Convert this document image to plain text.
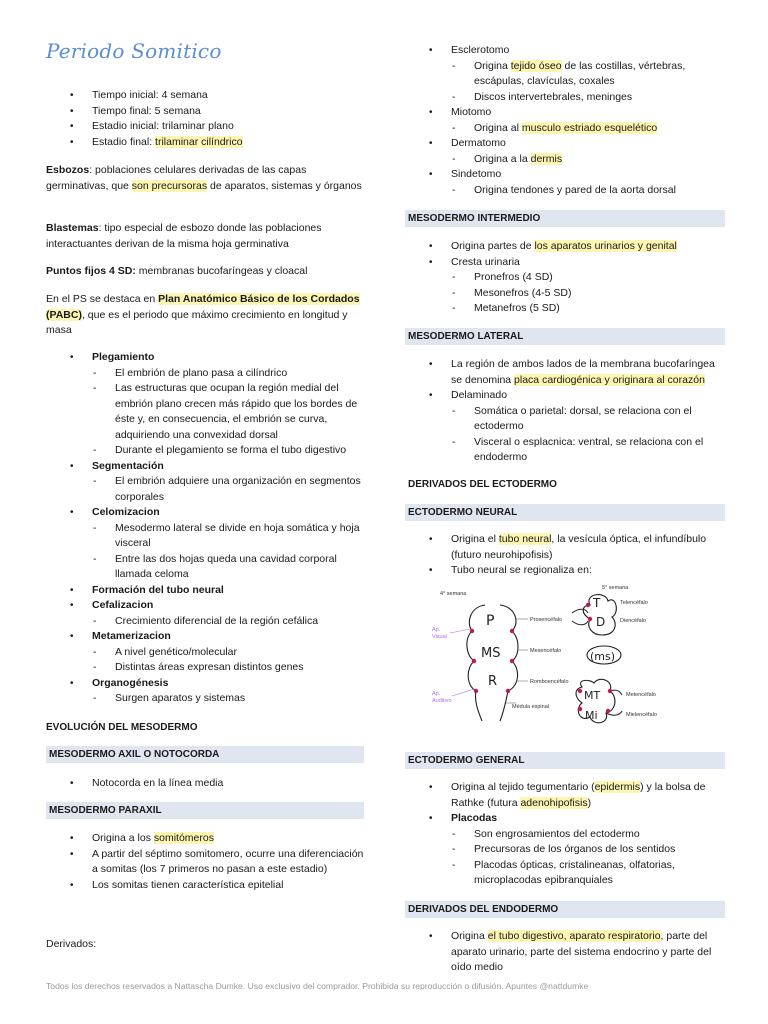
Periodo Somitico
• Tiempo inicial: 4 semana
• Tiempo final: 5 semana
• Estadio inicial: trilaminar plano
• Estadio final: trilaminar cilíndrico

Esbozos: poblaciones celulares derivadas de las capas germinativas, que son precursoras de aparatos, sistemas y órganos

Blastemas: tipo especial de esbozo donde las poblaciones interactuantes derivan de la misma hoja germinativa

Puntos fijos 4 SD: membranas bucofaríngeas y cloacal

En el PS se destaca en Plan Anatómico Básico de los Cordados (PABC), que es el periodo que máximo crecimiento en longitud y masa

• Plegamiento
- El embrión de plano pasa a cilíndrico
- Las estructuras que ocupan la región medial del embrión plano crecen más rápido que los bordes de éste y, en consecuencia, el embrión se curva, adquiriendo una convexidad dorsal
- Durante el plegamiento se forma el tubo digestivo
• Segmentación
- El embrión adquiere una organización en segmentos corporales
• Celomizacion
- Mesodermo lateral se divide en hoja somática y hoja visceral
- Entre las dos hojas queda una cavidad corporal llamada celoma
• Formación del tubo neural
• Cefalizacion
- Crecimiento diferencial de la región cefálica
• Metamerizacion
- A nivel genético/molecular
- Distintas áreas expresan distintos genes
• Organogénesis
- Surgen aparatos y sistemas
EVOLUCIÓN DEL MESODERMO
MESODERMO AXIL O NOTOCORDA
• Notocorda en la línea media
MESODERMO PARAXIL
• Origina a los somitómeros
• A partir del séptimo somitomero, ocurre una diferenciación a somitas (los 7 primeros no pasan a este estadio)
• Los somitas tienen característica epitelial
Derivados:
• Esclerotomo
- Origina tejido óseo de las costillas, vértebras, escápulas, clavículas, coxales
- Discos intervertebrales, meninges
• Miotomo
- Origina al musculo estriado esquelético
• Dermatomo
- Origina a la dermis
• Sindetomo
- Origina tendones y pared de la aorta dorsal
MESODERMO INTERMEDIO
• Origina partes de los aparatos urinarios y genital
• Cresta urinaria
- Pronefros (4 SD)
- Mesonefros (4-5 SD)
- Metanefros (5 SD)
MESODERMO LATERAL
• La región de ambos lados de la membrana bucofaríngea se denomina placa cardiogénica y originara al corazón
• Delaminado
- Somática o parietal: dorsal, se relaciona con el ectodermo
- Visceral o esplacnica: ventral, se relaciona con el endodermo
DERIVADOS DEL ECTODERMO
ECTODERMO NEURAL
• Origina el tubo neural, la vesícula óptica, el infundíbulo (futuro neurohipofisis)
• Tubo neural se regionaliza en:
ECTODERMO GENERAL
• Origina al tejido tegumentario (epidermis) y la bolsa de Rathke (futura adenohipofisis)
• Placodas
- Son engrosamientos del ectodermo
- Precursoras de los órganos de los sentidos
- Placodas ópticas, cristalineanas, olfatorias, microplacodas epibranquiales
DERIVADOS DEL ENDODERMO
• Origina el tubo digestivo, aparato respiratorio, parte del aparato urinario, parte del sistema endocrino y parte del oído medio
4° semana
P
MS
R
Prosencéfalo
Mesencéfalo
Romboencéfalo
Médula espinal
Ap.
Visual
Ap.
Auditivo
5° semana
T
D
Telencéfalo
Diencéfalo
(ms)
MT
Mi
Metencéfalo
Mielencéfalo
Todos los derechos reservados a Nattascha Dumke. Uso exclusivo del comprador. Prohibida su reproducción o difusión. Apuntes @nattdumke
